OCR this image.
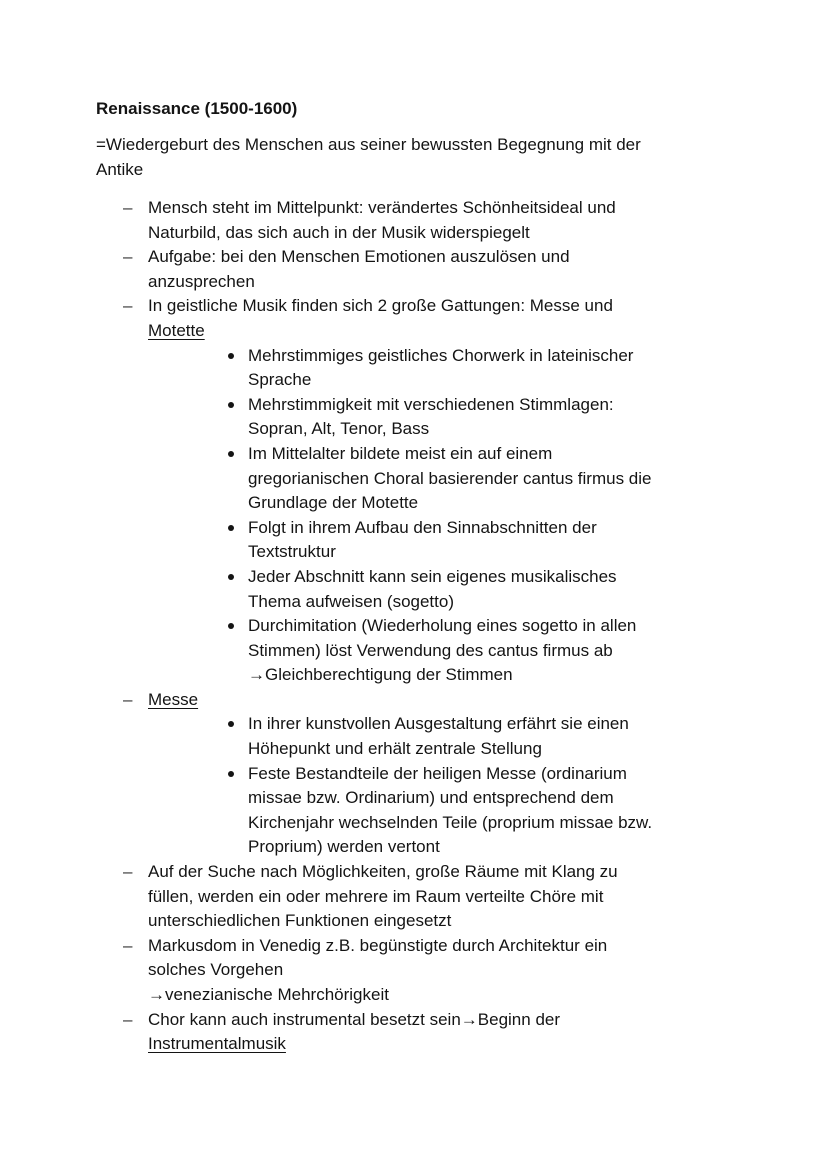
Renaissance (1500-1600)

=Wiedergeburt des Menschen aus seiner bewussten Begegnung mit der
Antike

– Mensch steht im Mittelpunkt: verändertes Schönheitsideal und
Naturbild, das sich auch in der Musik widerspiegelt
– Aufgabe: bei den Menschen Emotionen auszulösen und
anzusprechen
– In geistliche Musik finden sich 2 große Gattungen: Messe und
Motette
Mehrstimmiges geistliches Chorwerk in lateinischer
Sprache
Mehrstimmigkeit mit verschiedenen Stimmlagen:
Sopran, Alt, Tenor, Bass
Im Mittelalter bildete meist ein auf einem
gregorianischen Choral basierender cantus firmus die
Grundlage der Motette
Folgt in ihrem Aufbau den Sinnabschnitten der
Textstruktur
Jeder Abschnitt kann sein eigenes musikalisches
Thema aufweisen (sogetto)
Durchimitation (Wiederholung eines sogetto in allen
Stimmen) löst Verwendung des cantus firmus ab
→Gleichberechtigung der Stimmen
– Messe
In ihrer kunstvollen Ausgestaltung erfährt sie einen
Höhepunkt und erhält zentrale Stellung
Feste Bestandteile der heiligen Messe (ordinarium
missae bzw. Ordinarium) und entsprechend dem
Kirchenjahr wechselnden Teile (proprium missae bzw.
Proprium) werden vertont
– Auf der Suche nach Möglichkeiten, große Räume mit Klang zu
füllen, werden ein oder mehrere im Raum verteilte Chöre mit
unterschiedlichen Funktionen eingesetzt
– Markusdom in Venedig z.B. begünstigte durch Architektur ein
solches Vorgehen
→venezianische Mehrchörigkeit
– Chor kann auch instrumental besetzt sein→Beginn der
Instrumentalmusik
